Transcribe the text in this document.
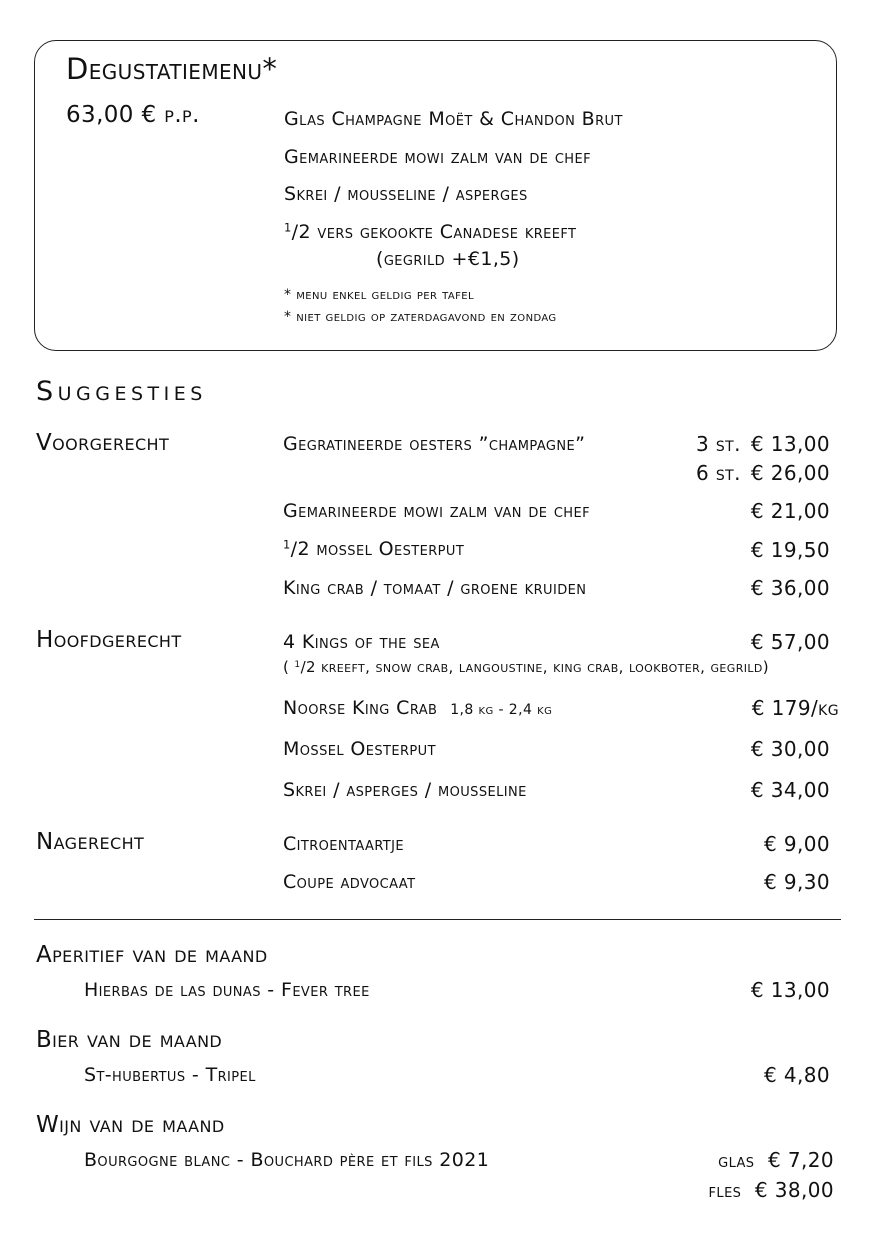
Degustatiemenu*
63,00 € p.p.	Glas Champagne Moët & Chandon Brut
Gemarineerde mowi zalm van de chef
Skrei / mousseline / asperges
$^1$/2 vers gekookte Canadese kreeft
(gegrild +€1,5)
* menu enkel geldig per tafel
* niet geldig op zaterdagavond en zondag
Suggesties
Voorgerecht	Gegratineerde oesters ”champagne”	3 st. € 13,00
6 st. € 26,00
Gemarineerde mowi zalm van de chef	€ 21,00
$^1$/2 mossel Oesterput	€ 19,50
King crab / tomaat / groene kruiden	€ 36,00
Hoofdgerecht	4 Kings of the sea	€ 57,00
( $^1$/2 kreeft, snow crab, langoustine, king crab, lookboter, gegrild)
Noorse King Crab 1,8 kg - 2,4 kg	€ 179/kg
Mossel Oesterput	€ 30,00
Skrei / asperges / mousseline	€ 34,00
Nagerecht	Citroentaartje	€ 9,00
Coupe advocaat	€ 9,30
Aperitief van de maand
Hierbas de las dunas - Fever tree	€ 13,00
Bier van de maand
St-hubertus - Tripel	€ 4,80
Wijn van de maand
Bourgogne blanc - Bouchard père et fils 2021	glas € 7,20
fles € 38,00
